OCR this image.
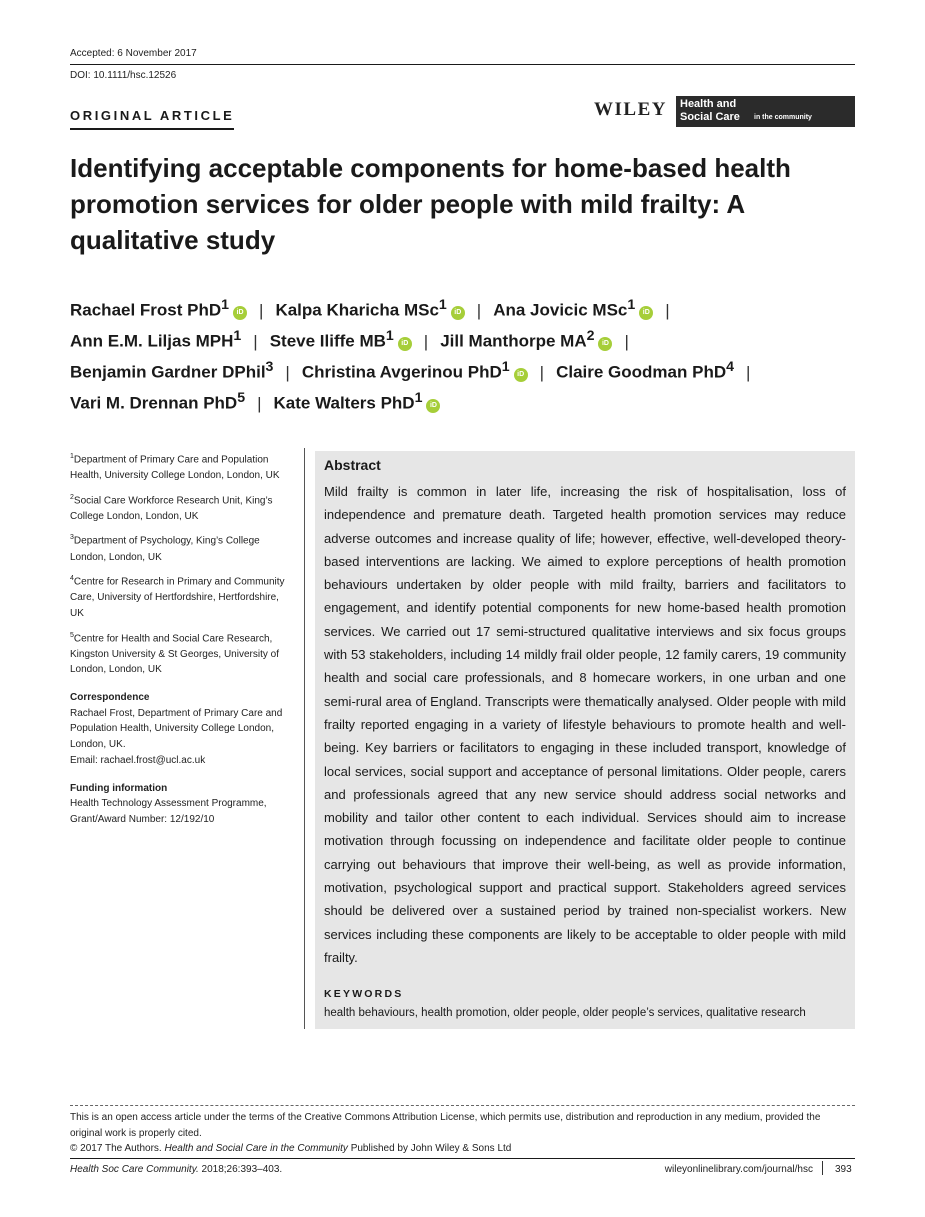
Accepted: 6 November 2017
DOI: 10.1111/hsc.12526
ORIGINAL ARTICLE	WILEY Health and
Social Care in the community
Identifying acceptable components for home-based health promotion services for older people with mild frailty: A qualitative study
Rachael Frost PhD$^1$ iD | Kalpa Kharicha MSc$^1$ iD | Ana Jovicic MSc$^1$ iD |
Ann E.M. Liljas MPH$^1$ | Steve Iliffe $MB^1$ iD | Jill Manthorpe $MA^2$ iD |
Benjamin Gardner DPhil$^3$ | Christina Avgerinou PhD$^1$ iD | Claire Goodman PhD$^4$ |
Vari M. Drennan PhD$^5$ | Kate Walters PhD$^1$ iD
$^1$Department of Primary Care and Population Health, University College London, London, UK
$^2$Social Care Workforce Research Unit, King’s College London, London, UK
$^3$Department of Psychology, King’s College London, London, UK
$^4$Centre for Research in Primary and Community Care, University of Hertfordshire, Hertfordshire, UK
$^5$Centre for Health and Social Care Research, Kingston University & St Georges, University of London, London, UK
Correspondence
Rachael Frost, Department of Primary Care and Population Health, University College London, London, UK.
Email: rachael.frost@ucl.ac.uk
Funding information
Health Technology Assessment Programme, Grant/Award Number: 12/192/10
Abstract
Mild frailty is common in later life, increasing the risk of hospitalisation, loss of independence and premature death. Targeted health promotion services may reduce adverse outcomes and increase quality of life; however, effective, well-developed theory-based interventions are lacking. We aimed to explore perceptions of health promotion behaviours undertaken by older people with mild frailty, barriers and facilitators to engagement, and identify potential components for new home-based health promotion services. We carried out 17 semi-structured qualitative interviews and six focus groups with 53 stakeholders, including 14 mildly frail older people, 12 family carers, 19 community health and social care professionals, and 8 homecare workers, in one urban and one semi-rural area of England. Transcripts were thematically analysed. Older people with mild frailty reported engaging in a variety of lifestyle behaviours to promote health and well-being. Key barriers or facilitators to engaging in these included transport, knowledge of local services, social support and acceptance of personal limitations. Older people, carers and professionals agreed that any new service should address social networks and mobility and tailor other content to each individual. Services should aim to increase motivation through focussing on independence and facilitate older people to continue carrying out behaviours that improve their well-being, as well as provide information, motivation, psychological support and practical support. Stakeholders agreed services should be delivered over a sustained period by trained non-specialist workers. New services including these components are likely to be acceptable to older people with mild frailty.
KEYWORDS
health behaviours, health promotion, older people, older people’s services, qualitative research
This is an open access article under the terms of the Creative Commons Attribution License, which permits use, distribution and reproduction in any medium, provided the original work is properly cited.
© 2017 The Authors. Health and Social Care in the Community Published by John Wiley & Sons Ltd
Health Soc Care Community. 2018;26:393–403.	wileyonlinelibrary.com/journal/hsc 393
